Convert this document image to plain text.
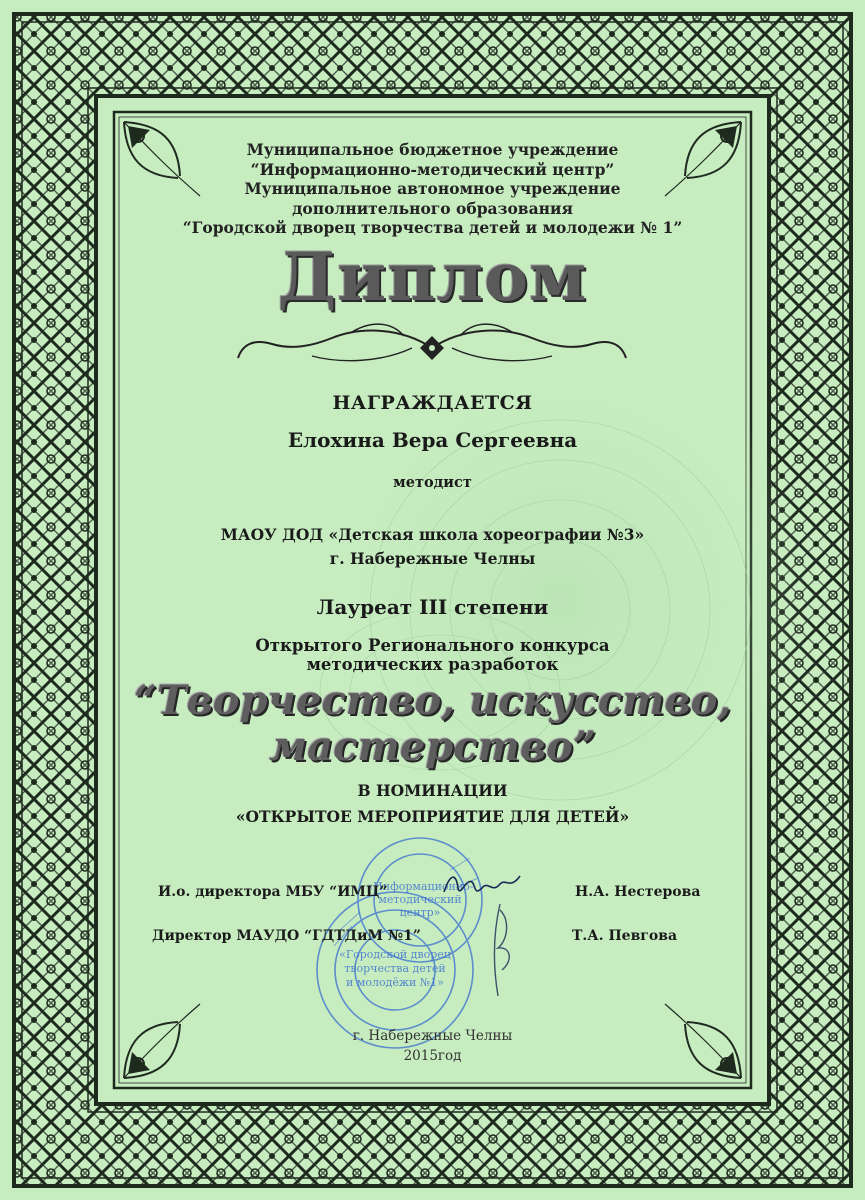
Муниципальное бюджетное учреждение
“Информационно-методический центр”
Муниципальное автономное учреждение
дополнительного образования
“Городской дворец творчества детей и молодежи № 1”
Диплом
НАГРАЖДАЕТСЯ
Елохина Вера Сергеевна
методист
МАОУ ДОД «Детская школа хореографии №3»
г. Набережные Челны
Лауреат III степени
Открытого Регионального конкурса
методических разработок
“Творчество, искусство,
мастерство”
В НОМИНАЦИИ
«ОТКРЫТОЕ МЕРОПРИЯТИЕ ДЛЯ ДЕТЕЙ»
«Информационно-
методический
центр»
«Городской дворец
творчества детей
и молодёжи №1»
И.о. директора МБУ “ИМЦ”	Н.А. Нестерова
Директор МАУДО “ГДТДиМ №1”	Т.А. Певгова
г. Набережные Челны
2015год
